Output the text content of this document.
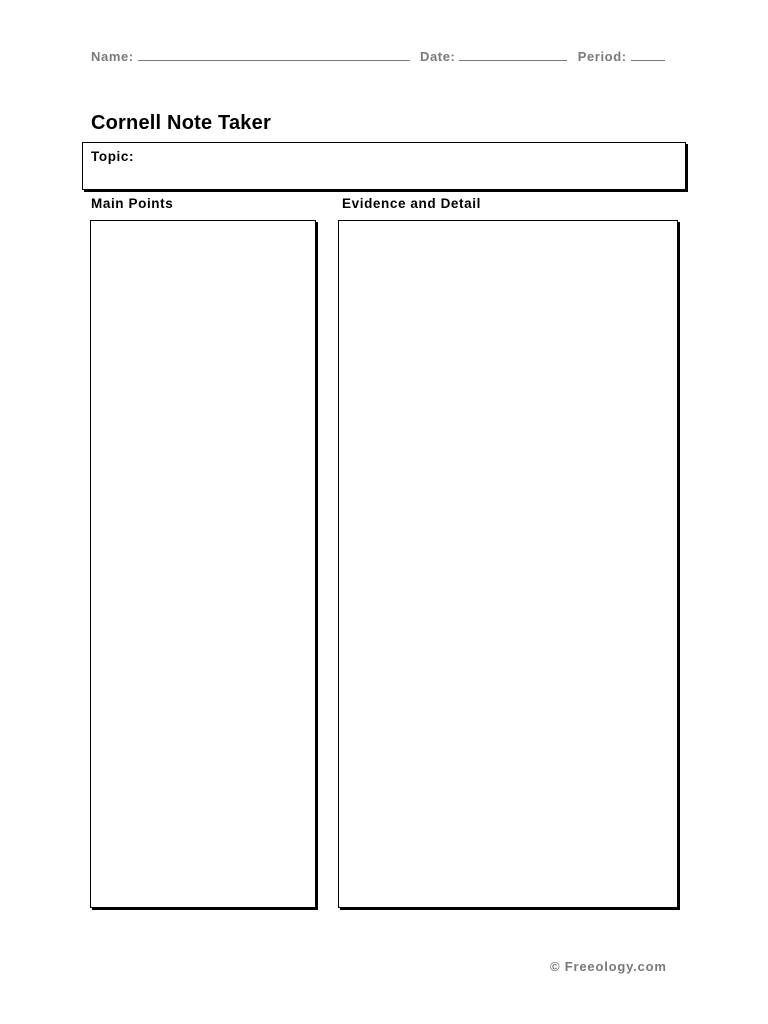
Name:	Date:	Period:
Cornell Note Taker
Topic:
Main Points	Evidence and Detail
© Freeology.com
